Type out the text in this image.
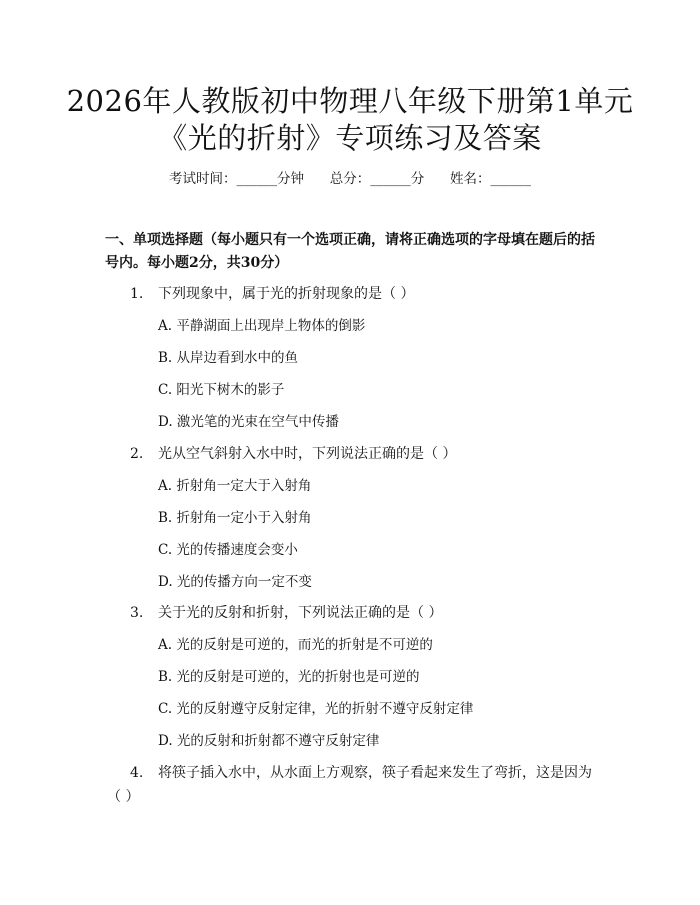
2026年人教版初中物理八年级下册第1单元
《光的折射》专项练习及答案
考试时间：______分钟      总分：______分      姓名：______
一、单项选择题（每小题只有一个选项正确，请将正确选项的字母填在题后的括号内。每小题2分，共30分）
1. 下列现象中，属于光的折射现象的是（ ）
A. 平静湖面上出现岸上物体的倒影
B. 从岸边看到水中的鱼
C. 阳光下树木的影子
D. 激光笔的光束在空气中传播
2. 光从空气斜射入水中时，下列说法正确的是（ ）
A. 折射角一定大于入射角
B. 折射角一定小于入射角
C. 光的传播速度会变小
D. 光的传播方向一定不变
3. 关于光的反射和折射，下列说法正确的是（ ）
A. 光的反射是可逆的，而光的折射是不可逆的
B. 光的反射是可逆的，光的折射也是可逆的
C. 光的反射遵守反射定律，光的折射不遵守反射定律
D. 光的反射和折射都不遵守反射定律
4. 将筷子插入水中，从水面上方观察，筷子看起来发生了弯折，这是因为
（ ）
